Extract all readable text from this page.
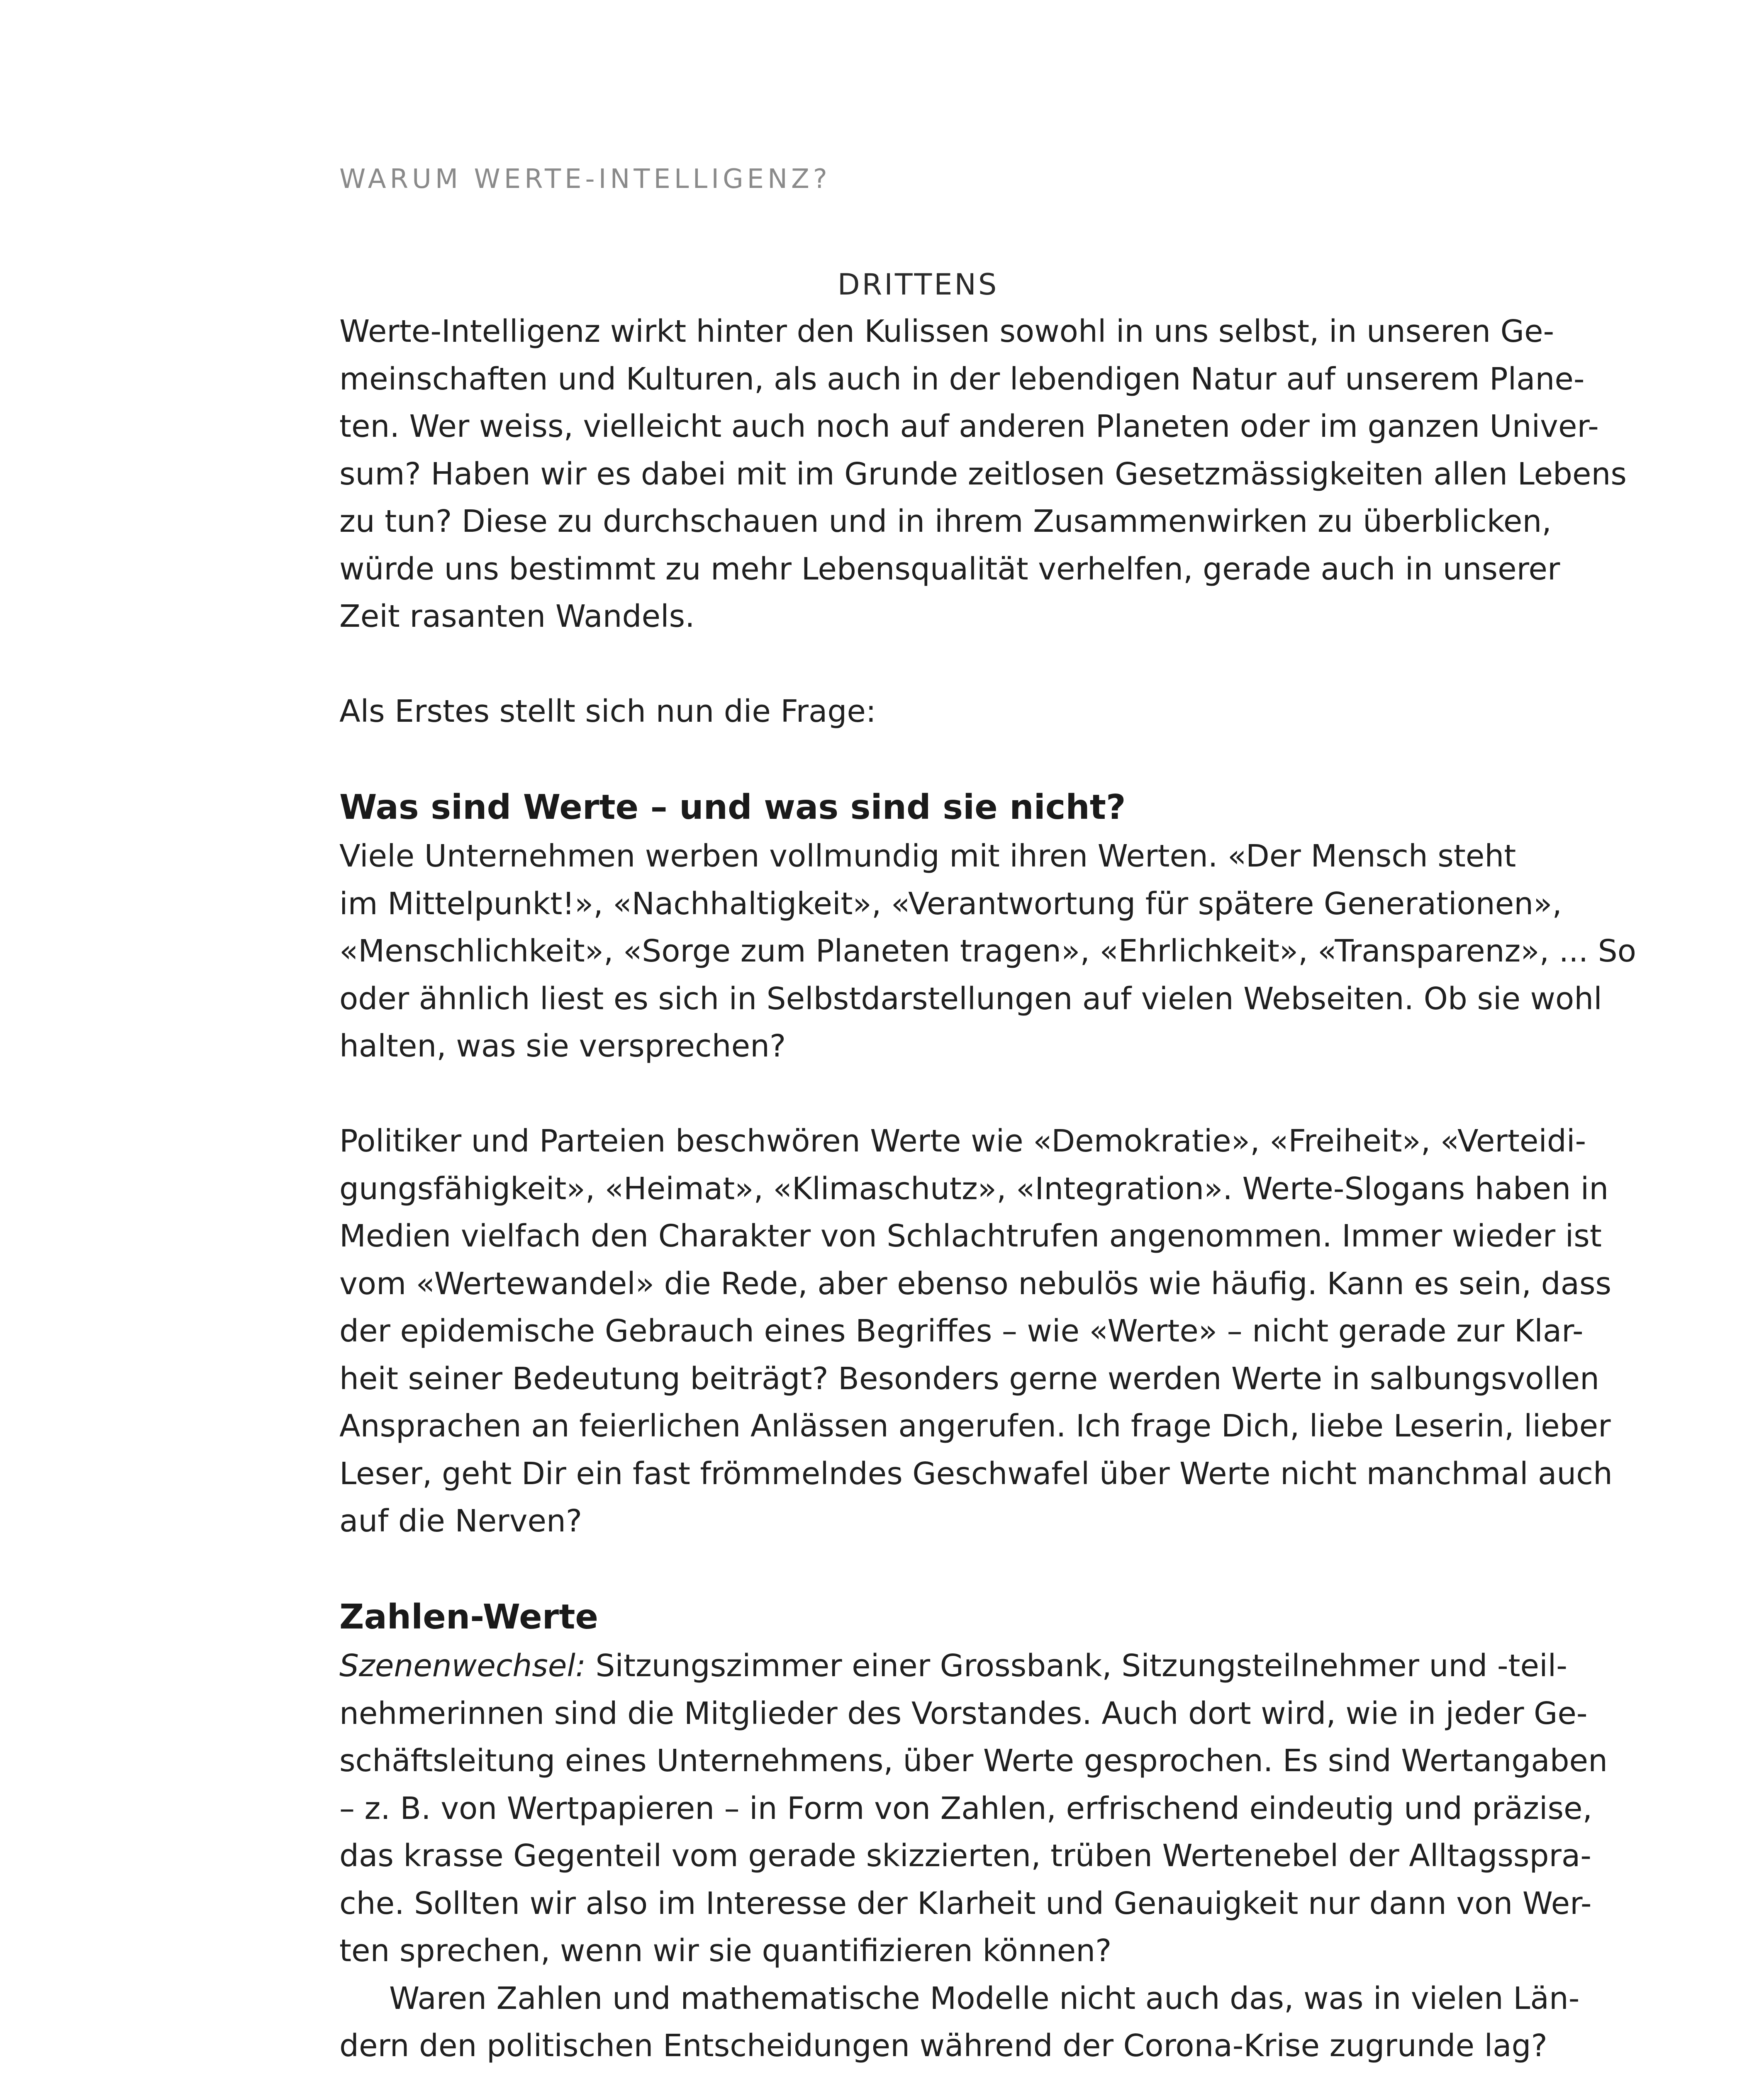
WARUM WERTE-INTELLIGENZ?

DRITTENS
Werte-Intelligenz wirkt hinter den Kulissen sowohl in uns selbst, in unseren Ge-
meinschaften und Kulturen, als auch in der lebendigen Natur auf unserem Plane-
ten. Wer weiss, vielleicht auch noch auf anderen Planeten oder im ganzen Univer-
sum? Haben wir es dabei mit im Grunde zeitlosen Gesetzmässigkeiten allen Lebens
zu tun? Diese zu durchschauen und in ihrem Zusammenwirken zu überblicken,
würde uns bestimmt zu mehr Lebensqualität verhelfen, gerade auch in unserer
Zeit rasanten Wandels.
Als Erstes stellt sich nun die Frage:
Was sind Werte – und was sind sie nicht?
Viele Unternehmen werben vollmundig mit ihren Werten. «Der Mensch steht
im Mittelpunkt!», «Nachhaltigkeit», «Verantwortung für spätere Generationen»,
«Menschlichkeit», «Sorge zum Planeten tragen», «Ehrlichkeit», «Transparenz», ... So
oder ähnlich liest es sich in Selbstdarstellungen auf vielen Webseiten. Ob sie wohl
halten, was sie versprechen?
Politiker und Parteien beschwören Werte wie «Demokratie», «Freiheit», «Verteidi-
gungsfähigkeit», «Heimat», «Klimaschutz», «Integration». Werte-Slogans haben in
Medien vielfach den Charakter von Schlachtrufen angenommen. Immer wieder ist
vom «Wertewandel» die Rede, aber ebenso nebulös wie häufig. Kann es sein, dass
der epidemische Gebrauch eines Begriffes – wie «Werte» – nicht gerade zur Klar-
heit seiner Bedeutung beiträgt? Besonders gerne werden Werte in salbungsvollen
Ansprachen an feierlichen Anlässen angerufen. Ich frage Dich, liebe Leserin, lieber
Leser, geht Dir ein fast frömmelndes Geschwafel über Werte nicht manchmal auch
auf die Nerven?
Zahlen-Werte
Szenenwechsel: Sitzungszimmer einer Grossbank, Sitzungsteilnehmer und -teil-
nehmerinnen sind die Mitglieder des Vorstandes. Auch dort wird, wie in jeder Ge-
schäftsleitung eines Unternehmens, über Werte gesprochen. Es sind Wertangaben
– z. B. von Wertpapieren – in Form von Zahlen, erfrischend eindeutig und präzise,
das krasse Gegenteil vom gerade skizzierten, trüben Wertenebel der Alltagsspra-
che. Sollten wir also im Interesse der Klarheit und Genauigkeit nur dann von Wer-
ten sprechen, wenn wir sie quantifizieren können?
Waren Zahlen und mathematische Modelle nicht auch das, was in vielen Län-
dern den politischen Entscheidungen während der Corona-Krise zugrunde lag?
